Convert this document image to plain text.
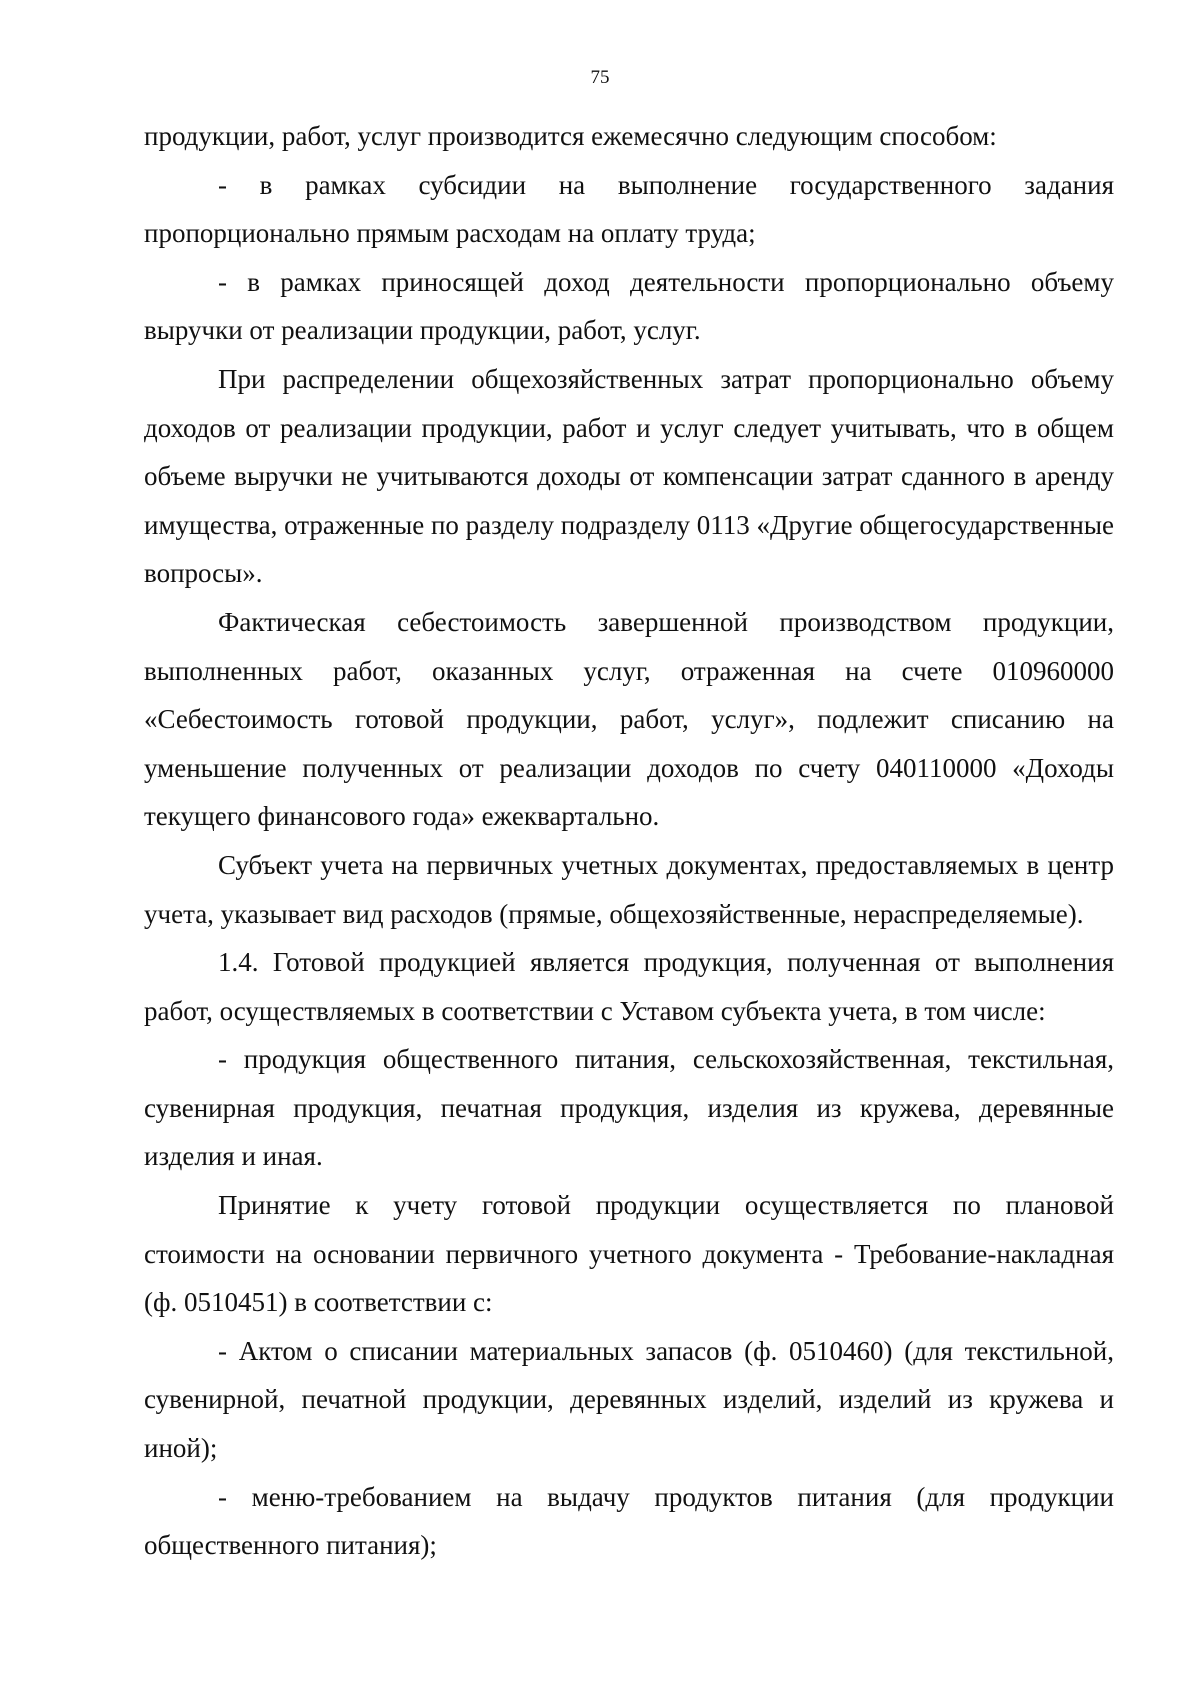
75

продукции, работ, услуг производится ежемесячно следующим способом:

- в рамках субсидии на выполнение государственного задания пропорционально прямым расходам на оплату труда;

- в рамках приносящей доход деятельности пропорционально объему выручки от реализации продукции, работ, услуг.

При распределении общехозяйственных затрат пропорционально объему доходов от реализации продукции, работ и услуг следует учитывать, что в общем объеме выручки не учитываются доходы от компенсации затрат сданного в аренду имущества, отраженные по разделу подразделу 0113 «Другие общегосударственные вопросы».

Фактическая себестоимость завершенной производством продукции, выполненных работ, оказанных услуг, отраженная на счете 010960000 «Себестоимость готовой продукции, работ, услуг», подлежит списанию на уменьшение полученных от реализации доходов по счету 040110000 «Доходы текущего финансового года» ежеквартально.

Субъект учета на первичных учетных документах, предоставляемых в центр учета, указывает вид расходов (прямые, общехозяйственные, нераспределяемые).

1.4. Готовой продукцией является продукция, полученная от выполнения работ, осуществляемых в соответствии с Уставом субъекта учета, в том числе:

- продукция общественного питания, сельскохозяйственная, текстильная, сувенирная продукция, печатная продукция, изделия из кружева, деревянные изделия и иная.

Принятие к учету готовой продукции осуществляется по плановой стоимости на основании первичного учетного документа - Требование-накладная (ф. 0510451) в соответствии с:

- Актом о списании материальных запасов (ф. 0510460) (для текстильной, сувенирной, печатной продукции, деревянных изделий, изделий из кружева и иной);

- меню-требованием на выдачу продуктов питания (для продукции общественного питания);
